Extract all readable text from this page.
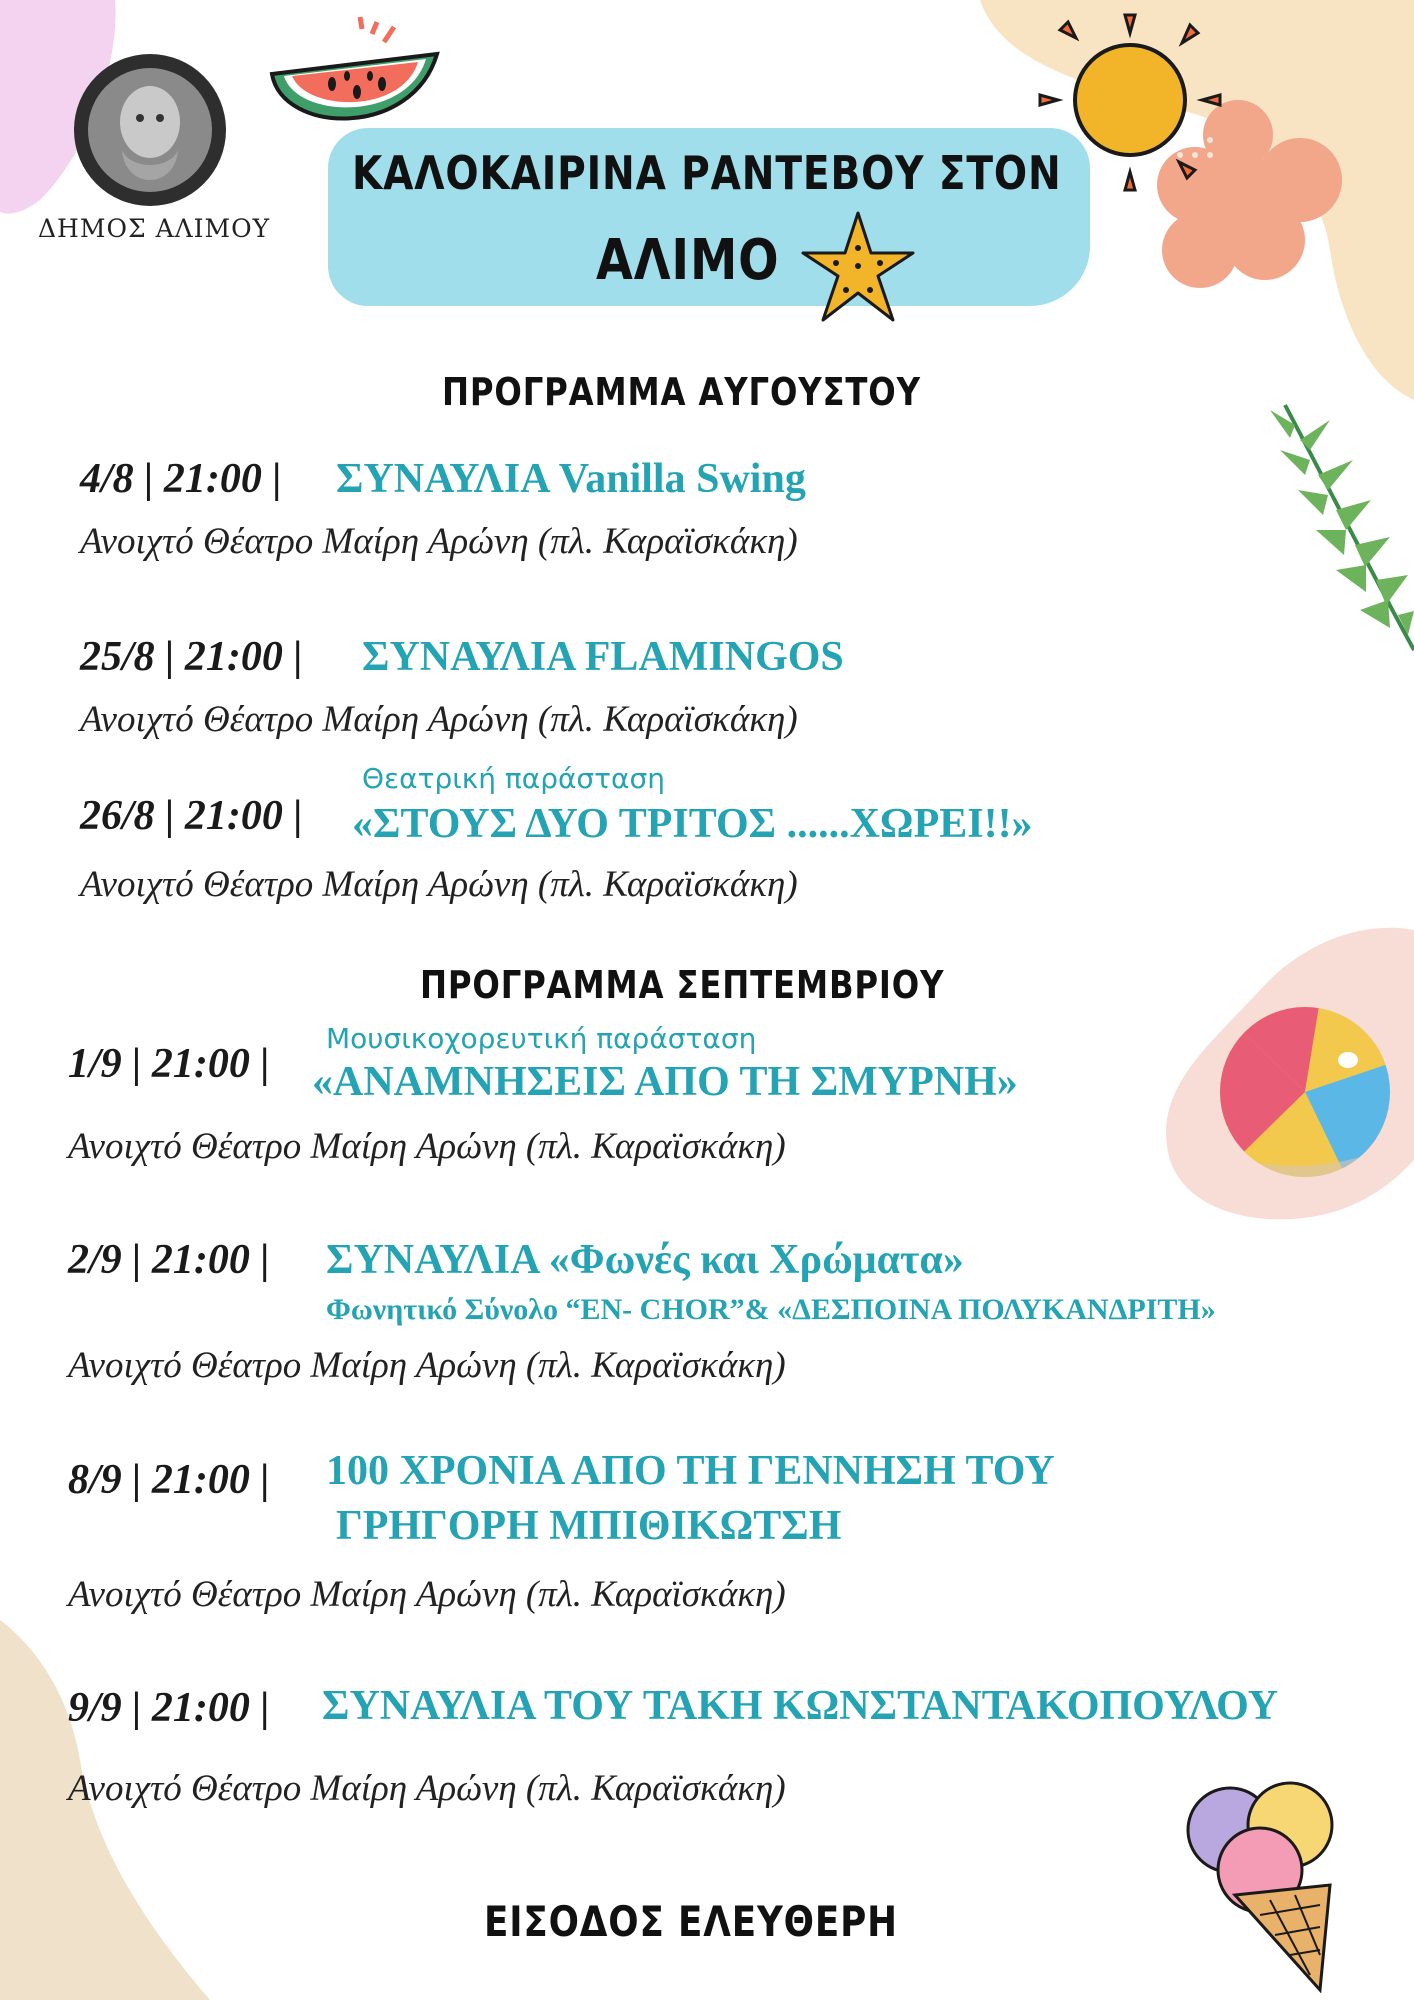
ΔΗΜΟΣ ΑΛΙΜΟΥ
ΚΑΛΟΚΑΙΡΙΝΑ ΡΑΝΤΕΒΟΥ ΣΤΟΝ
ΑΛΙΜΟ
ΠΡΟΓΡΑΜΜΑ ΑΥΓΟΥΣΤΟΥ
4/8 | 21:00 | ΣΥΝΑΥΛΙΑ Vanilla Swing
Ανοιχτό Θέατρο Μαίρη Αρώνη (πλ. Καραϊσκάκη)
25/8 | 21:00 | ΣΥΝΑΥΛΙΑ FLAMINGOS
Ανοιχτό Θέατρο Μαίρη Αρώνη (πλ. Καραϊσκάκη)
Θεατρική παράσταση
26/8 | 21:00 | «ΣΤΟΥΣ ΔΥΟ ΤΡΙΤΟΣ ......ΧΩΡΕΙ!!»
Ανοιχτό Θέατρο Μαίρη Αρώνη (πλ. Καραϊσκάκη)
ΠΡΟΓΡΑΜΜΑ ΣΕΠΤΕΜΒΡΙΟΥ
Μουσικοχορευτική παράσταση
1/9 | 21:00 | «ΑΝΑΜΝΗΣΕΙΣ ΑΠΟ ΤΗ ΣΜΥΡΝΗ»
Ανοιχτό Θέατρο Μαίρη Αρώνη (πλ. Καραϊσκάκη)
2/9 | 21:00 | ΣΥΝΑΥΛΙΑ «Φωνές και Χρώματα»
Φωνητικό Σύνολο “EN- CHOR”& «ΔΕΣΠΟΙΝΑ ΠΟΛΥΚΑΝΔΡΙΤΗ»
Ανοιχτό Θέατρο Μαίρη Αρώνη (πλ. Καραϊσκάκη)
8/9 | 21:00 | 100 ΧΡΟΝΙΑ ΑΠΟ ΤΗ ΓΕΝΝΗΣΗ ΤΟΥ
ΓΡΗΓΟΡΗ ΜΠΙΘΙΚΩΤΣΗ
Ανοιχτό Θέατρο Μαίρη Αρώνη (πλ. Καραϊσκάκη)
9/9 | 21:00 | ΣΥΝΑΥΛΙΑ ΤΟΥ ΤΑΚΗ ΚΩΝΣΤΑΝΤΑΚΟΠΟΥΛΟΥ
Ανοιχτό Θέατρο Μαίρη Αρώνη (πλ. Καραϊσκάκη)
ΕΙΣΟΔΟΣ ΕΛΕΥΘΕΡΗ
